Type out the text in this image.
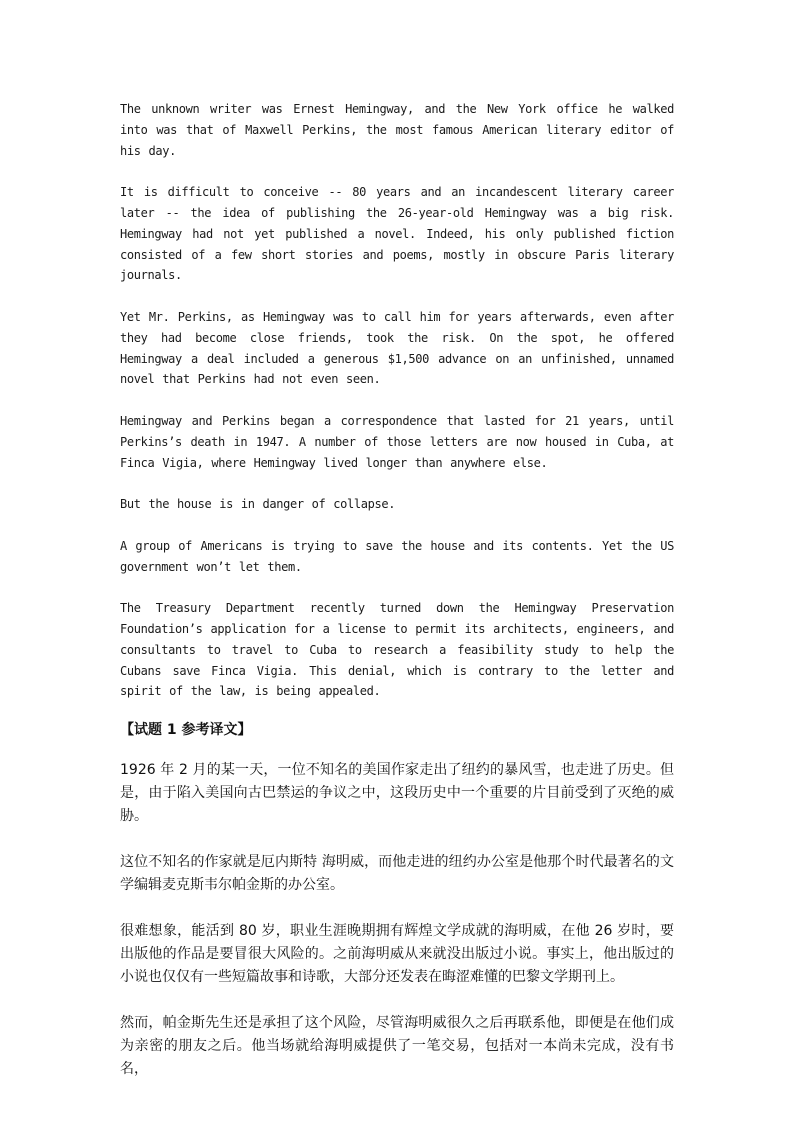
The unknown writer was Ernest Hemingway, and the New York office he walked into was that of Maxwell Perkins, the most famous American literary editor of his day.

It is difficult to conceive -- 80 years and an incandescent literary career later -- the idea of publishing the 26-year-old Hemingway was a big risk. Hemingway had not yet published a novel. Indeed, his only published fiction consisted of a few short stories and poems, mostly in obscure Paris literary journals.

Yet Mr. Perkins, as Hemingway was to call him for years afterwards, even after they had become close friends, took the risk. On the spot, he offered Hemingway a deal included a generous $1,500 advance on an unfinished, unnamed novel that Perkins had not even seen.

Hemingway and Perkins began a correspondence that lasted for 21 years, until Perkins’s death in 1947. A number of those letters are now housed in Cuba, at Finca Vigia, where Hemingway lived longer than anywhere else.

But the house is in danger of collapse.

A group of Americans is trying to save the house and its contents. Yet the US government won’t let them.

The Treasury Department recently turned down the Hemingway Preservation Foundation’s application for a license to permit its architects, engineers, and consultants to travel to Cuba to research a feasibility study to help the Cubans save Finca Vigia. This denial, which is contrary to the letter and spirit of the law, is being appealed.

【试题 1 参考译文】

1926 年 2 月的某一天，一位不知名的美国作家走出了纽约的暴风雪，也走进了历史。但是，由于陷入美国向古巴禁运的争议之中，这段历史中一个重要的片目前受到了灭绝的威胁。

这位不知名的作家就是厄内斯特 海明威，而他走进的纽约办公室是他那个时代最著名的文学编辑麦克斯韦尔帕金斯的办公室。

很难想象，能活到 80 岁，职业生涯晚期拥有辉煌文学成就的海明威，在他 26 岁时，要出版他的作品是要冒很大风险的。之前海明威从来就没出版过小说。事实上，他出版过的小说也仅仅有一些短篇故事和诗歌，大部分还发表在晦涩难懂的巴黎文学期刊上。

然而，帕金斯先生还是承担了这个风险，尽管海明威很久之后再联系他，即便是在他们成为亲密的朋友之后。他当场就给海明威提供了一笔交易，包括对一本尚未完成，没有书名，
